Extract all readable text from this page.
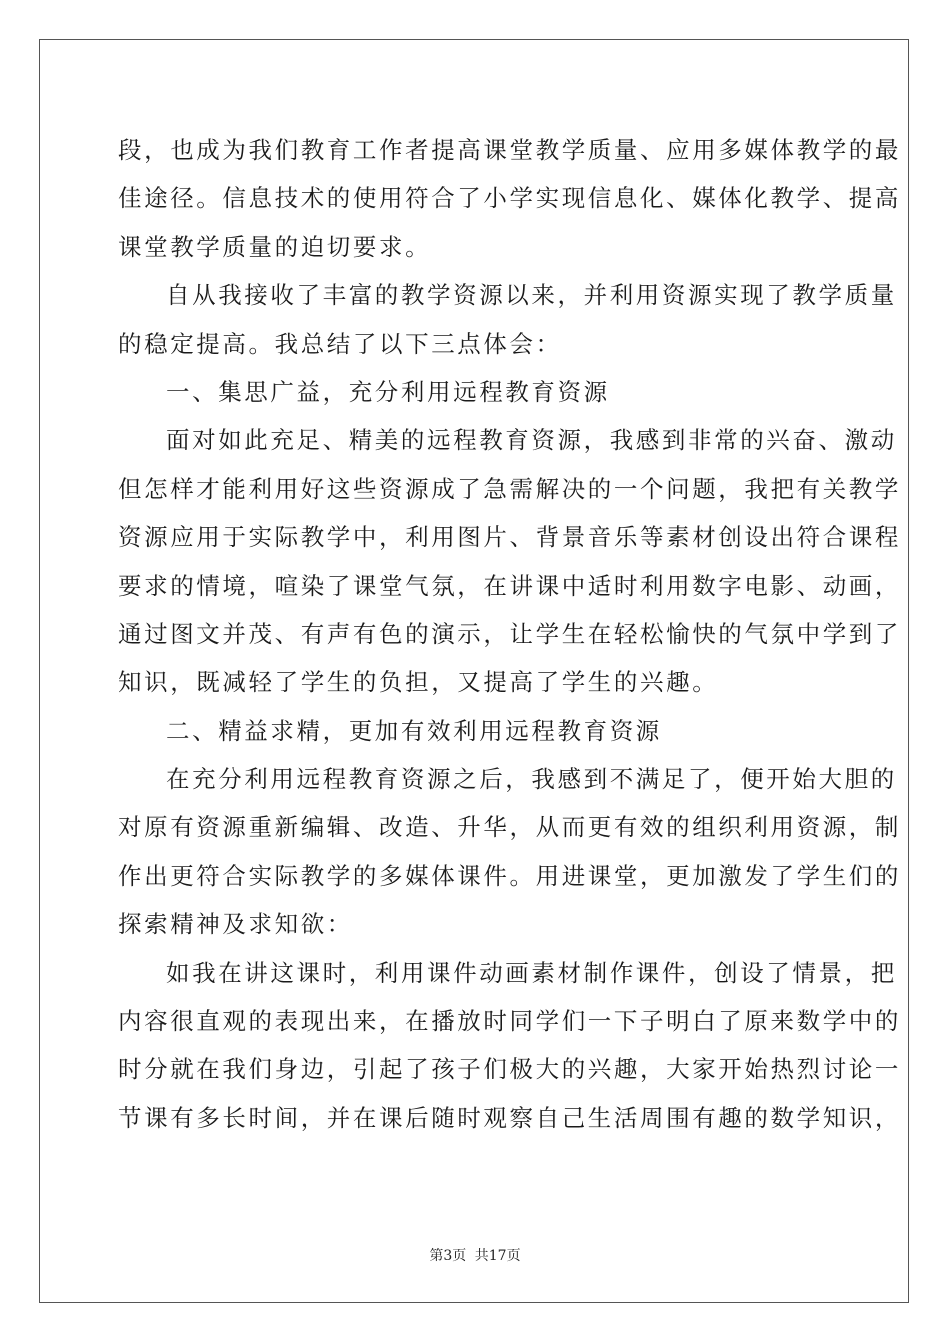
段，也成为我们教育工作者提高课堂教学质量、应用多媒体教学的最
佳途径。信息技术的使用符合了小学实现信息化、媒体化教学、提高
课堂教学质量的迫切要求。
自从我接收了丰富的教学资源以来，并利用资源实现了教学质量
的稳定提高。我总结了以下三点体会：
一、集思广益，充分利用远程教育资源
面对如此充足、精美的远程教育资源，我感到非常的兴奋、激动
但怎样才能利用好这些资源成了急需解决的一个问题，我把有关教学
资源应用于实际教学中，利用图片、背景音乐等素材创设出符合课程
要求的情境，喧染了课堂气氛，在讲课中适时利用数字电影、动画，
通过图文并茂、有声有色的演示，让学生在轻松愉快的气氛中学到了
知识，既减轻了学生的负担，又提高了学生的兴趣。
二、精益求精，更加有效利用远程教育资源
在充分利用远程教育资源之后，我感到不满足了，便开始大胆的
对原有资源重新编辑、改造、升华，从而更有效的组织利用资源，制
作出更符合实际教学的多媒体课件。用进课堂，更加激发了学生们的
探索精神及求知欲：
如我在讲这课时，利用课件动画素材制作课件，创设了情景，把
内容很直观的表现出来，在播放时同学们一下子明白了原来数学中的
时分就在我们身边，引起了孩子们极大的兴趣，大家开始热烈讨论一
节课有多长时间，并在课后随时观察自己生活周围有趣的数学知识，
第3页 共17页
